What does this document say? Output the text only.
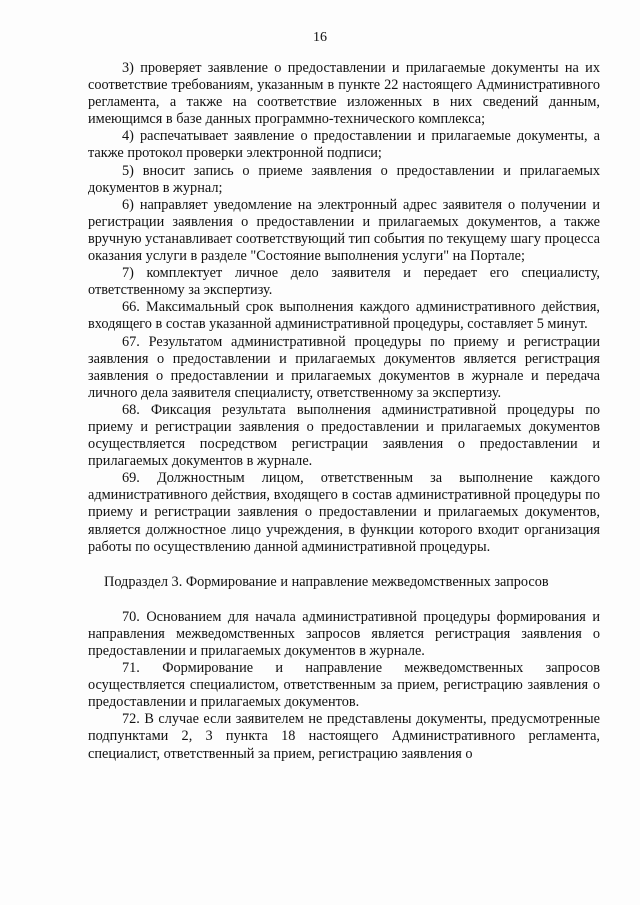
16

3) проверяет заявление о предоставлении и прилагаемые документы на их соответствие требованиям, указанным в пункте 22 настоящего Административного регламента, а также на соответствие изложенных в них сведений данным, имеющимся в базе данных программно-технического комплекса;

4) распечатывает заявление о предоставлении и прилагаемые документы, а также протокол проверки электронной подписи;

5) вносит запись о приеме заявления о предоставлении и прилагаемых документов в журнал;

6) направляет уведомление на электронный адрес заявителя о получении и регистрации заявления о предоставлении и прилагаемых документов, а также вручную устанавливает соответствующий тип события по текущему шагу процесса оказания услуги в разделе "Состояние выполнения услуги" на Портале;

7) комплектует личное дело заявителя и передает его специалисту, ответственному за экспертизу.

66. Максимальный срок выполнения каждого административного действия, входящего в состав указанной административной процедуры, составляет 5 минут.

67. Результатом административной процедуры по приему и регистрации заявления о предоставлении и прилагаемых документов является регистрация заявления о предоставлении и прилагаемых документов в журнале и передача личного дела заявителя специалисту, ответственному за экспертизу.

68. Фиксация результата выполнения административной процедуры по приему и регистрации заявления о предоставлении и прилагаемых документов осуществляется посредством регистрации заявления о предоставлении и прилагаемых документов в журнале.

69. Должностным лицом, ответственным за выполнение каждого административного действия, входящего в состав административной процедуры по приему и регистрации заявления о предоставлении и прилагаемых документов, является должностное лицо учреждения, в функции которого входит организация работы по осуществлению данной административной процедуры.

Подраздел 3. Формирование и направление межведомственных запросов

70. Основанием для начала административной процедуры формирования и направления межведомственных запросов является регистрация заявления о предоставлении и прилагаемых документов в журнале.

71. Формирование и направление межведомственных запросов осуществляется специалистом, ответственным за прием, регистрацию заявления о предоставлении и прилагаемых документов.

72. В случае если заявителем не представлены документы, предусмотренные подпунктами 2, 3 пункта 18 настоящего Административного регламента, специалист, ответственный за прием, регистрацию заявления о
